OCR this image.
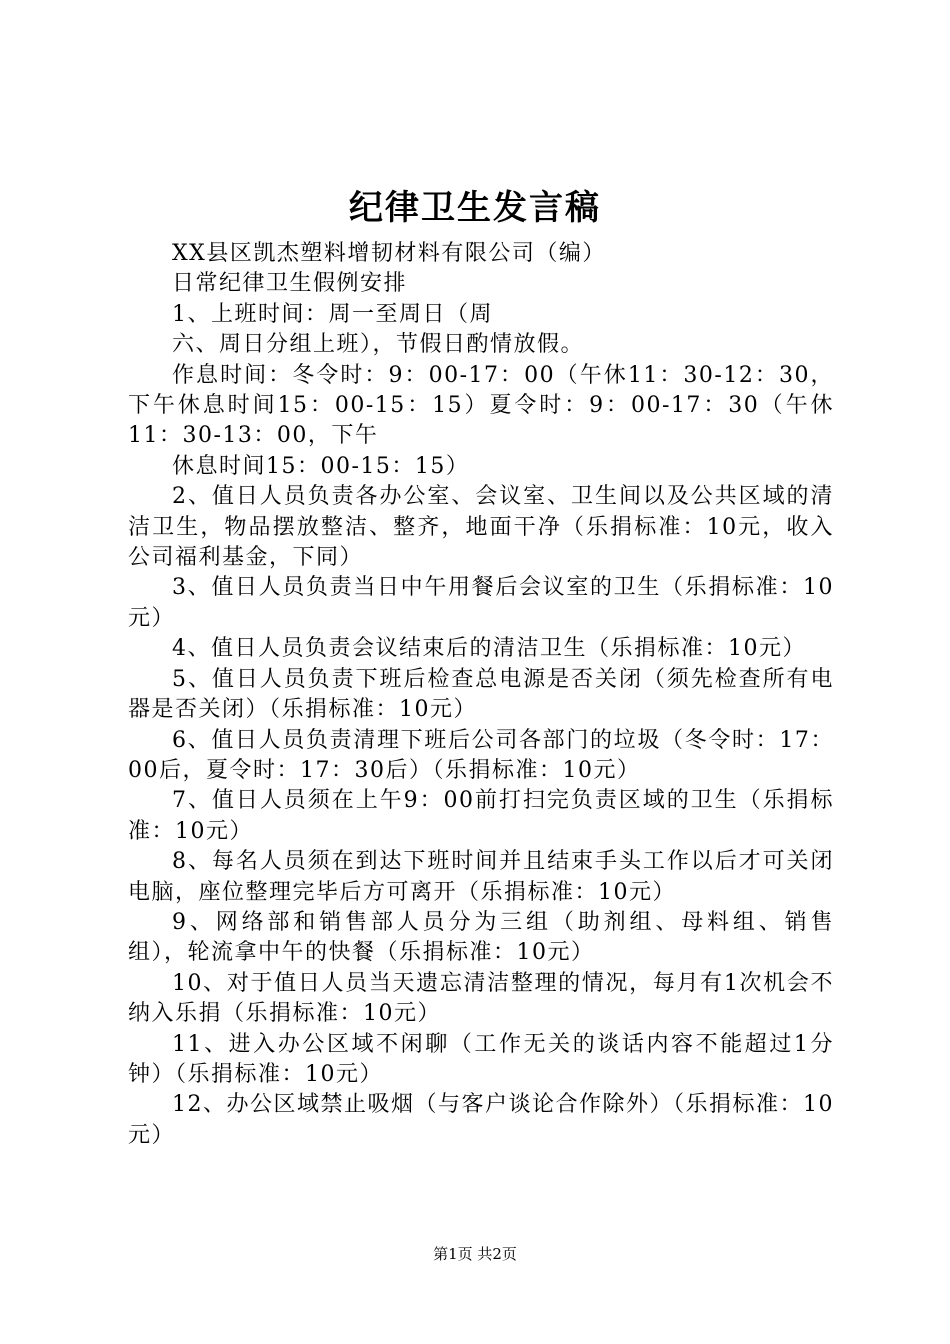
纪律卫生发言稿

XX县区凯杰塑料增韧材料有限公司（编）

日常纪律卫生假例安排

1、上班时间：周一至周日（周

六、周日分组上班），节假日酌情放假。

作息时间：冬令时：9：00-17：00（午休11：30-12：30，下午休息时间15：00-15：15）夏令时：9：00-17：30（午休11：30-13：00，下午

休息时间15：00-15：15）

2、值日人员负责各办公室、会议室、卫生间以及公共区域的清洁卫生，物品摆放整洁、整齐，地面干净（乐捐标准：10元，收入公司福利基金，下同）

3、值日人员负责当日中午用餐后会议室的卫生（乐捐标准：10元）

4、值日人员负责会议结束后的清洁卫生（乐捐标准：10元）

5、值日人员负责下班后检查总电源是否关闭（须先检查所有电器是否关闭）（乐捐标准：10元）

6、值日人员负责清理下班后公司各部门的垃圾（冬令时：17：00后，夏令时：17：30后）（乐捐标准：10元）

7、值日人员须在上午9：00前打扫完负责区域的卫生（乐捐标准：10元）

8、每名人员须在到达下班时间并且结束手头工作以后才可关闭电脑，座位整理完毕后方可离开（乐捐标准：10元）

9、网络部和销售部人员分为三组（助剂组、母料组、销售组），轮流拿中午的快餐（乐捐标准：10元）

10、对于值日人员当天遗忘清洁整理的情况，每月有1次机会不纳入乐捐（乐捐标准：10元）

11、进入办公区域不闲聊（工作无关的谈话内容不能超过1分钟）（乐捐标准：10元）

12、办公区域禁止吸烟（与客户谈论合作除外）（乐捐标准：10元）

第1页 共2页
